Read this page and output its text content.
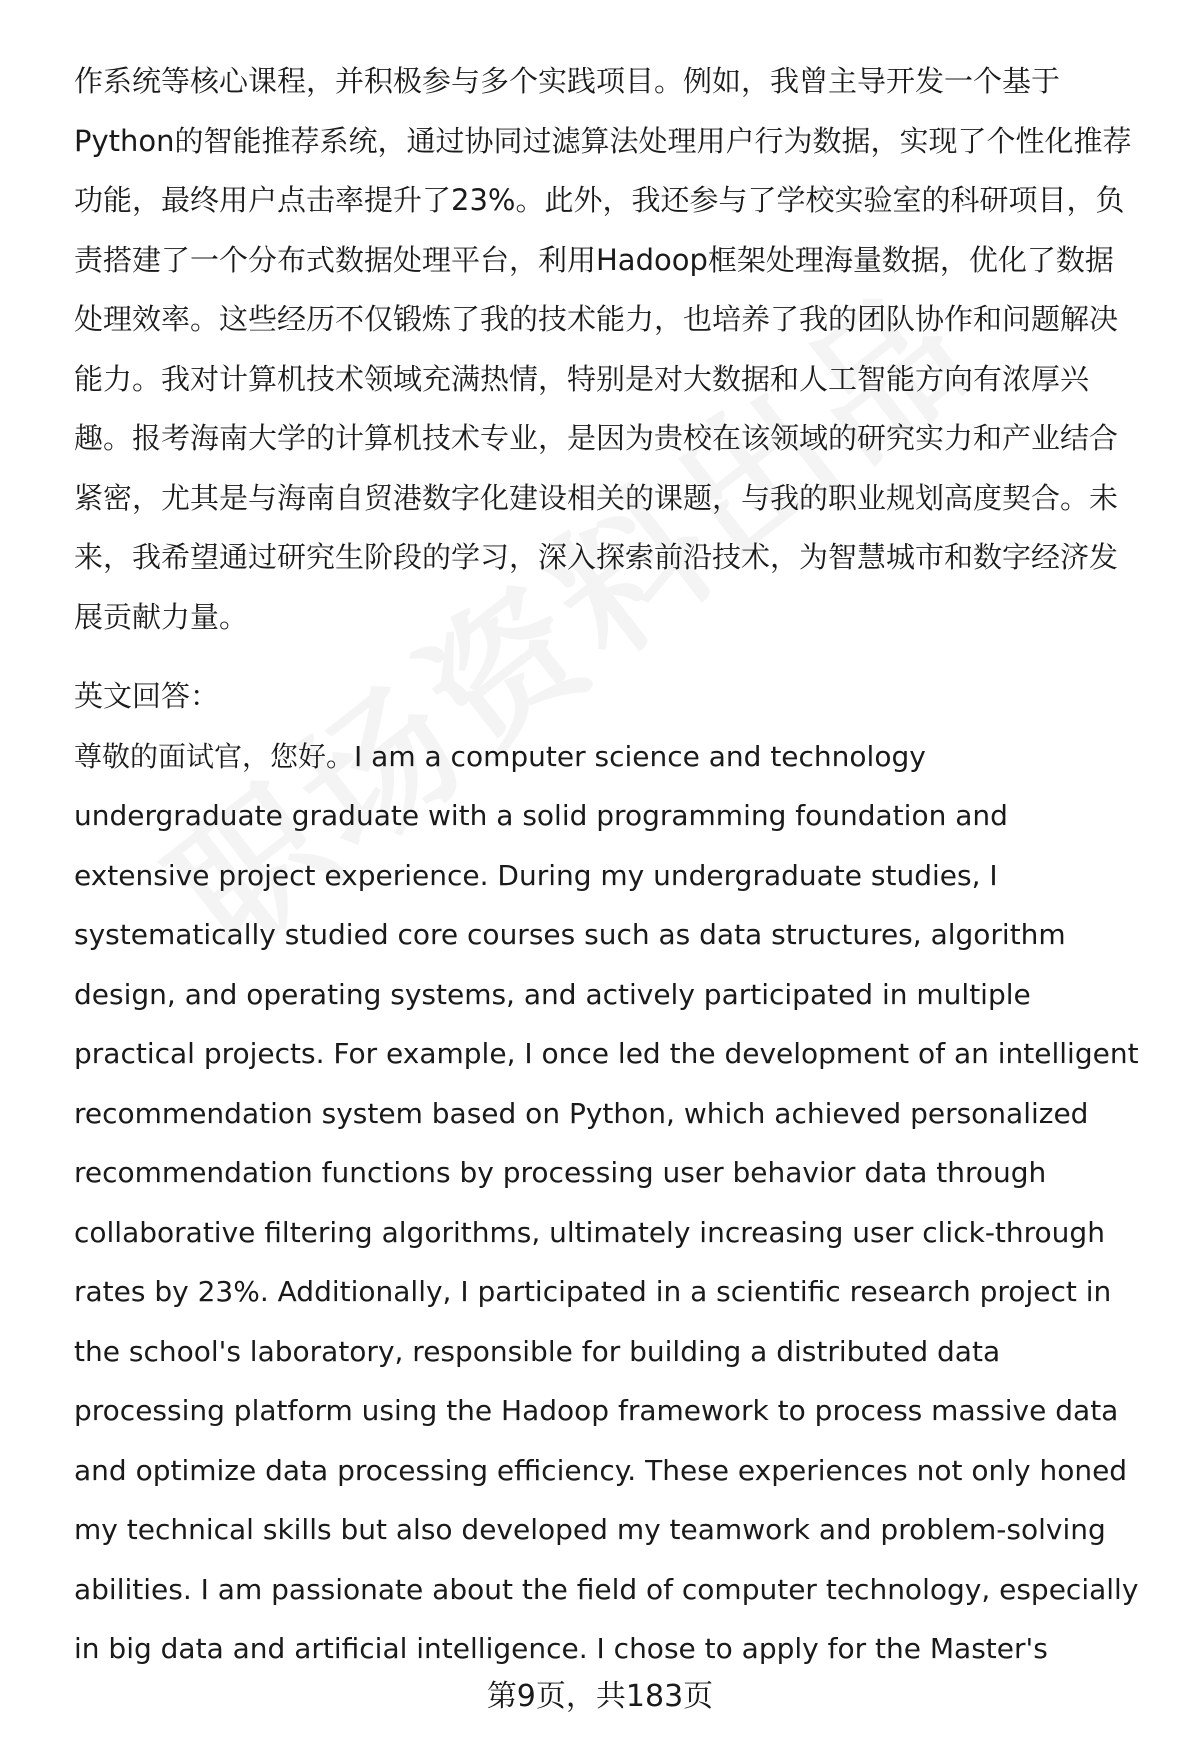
作系统等核心课程，并积极参与多个实践项目。例如，我曾主导开发一个基于
Python的智能推荐系统，通过协同过滤算法处理用户行为数据，实现了个性化推荐
功能，最终用户点击率提升了23%。此外，我还参与了学校实验室的科研项目，负
责搭建了一个分布式数据处理平台，利用Hadoop框架处理海量数据，优化了数据
处理效率。这些经历不仅锻炼了我的技术能力，也培养了我的团队协作和问题解决
能力。我对计算机技术领域充满热情，特别是对大数据和人工智能方向有浓厚兴
趣。报考海南大学的计算机技术专业，是因为贵校在该领域的研究实力和产业结合
紧密，尤其是与海南自贸港数字化建设相关的课题，与我的职业规划高度契合。未
来，我希望通过研究生阶段的学习，深入探索前沿技术，为智慧城市和数字经济发
展贡献力量。
英文回答：
尊敬的面试官，您好。I am a computer science and technology
undergraduate graduate with a solid programming foundation and
extensive project experience. During my undergraduate studies, I
systematically studied core courses such as data structures, algorithm
design, and operating systems, and actively participated in multiple
practical projects. For example, I once led the development of an intelligent
recommendation system based on Python, which achieved personalized
recommendation functions by processing user behavior data through
collaborative filtering algorithms, ultimately increasing user click-through
rates by 23%. Additionally, I participated in a scientific research project in
the school's laboratory, responsible for building a distributed data
processing platform using the Hadoop framework to process massive data
and optimize data processing efficiency. These experiences not only honed
my technical skills but also developed my teamwork and problem-solving
abilities. I am passionate about the field of computer technology, especially
in big data and artificial intelligence. I chose to apply for the Master's
第9页，共183页
